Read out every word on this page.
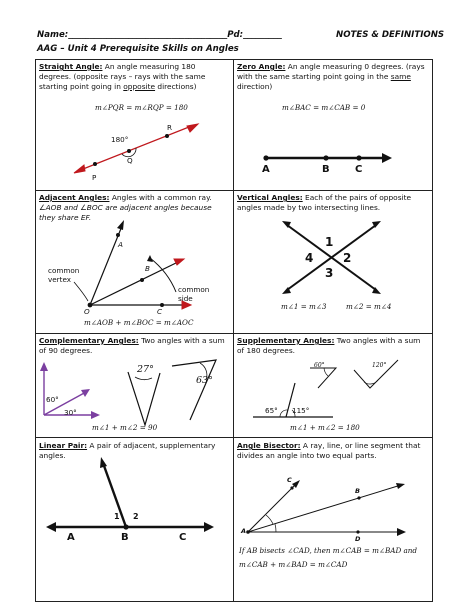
Name:_____________________________________Pd:_________	NOTES & DEFINITIONS
AAG – Unit 4 Prerequisite Skills on Angles
Straight Angle: An angle measuring 180 degrees. (opposite rays – rays with the same starting point going in opposite directions)
m∠PQR = m∠RQP = 180
180°
P
Q
R
Zero Angle: An angle measuring 0 degrees. (rays with the same starting point going in the same direction)
m∠BAC = m∠CAB = 0
A	B	C
Adjacent Angles: Angles with a common ray.
∠AOB and ∠BOC are adjacent angles because they share EF.
A
B
C
O
common vertex
common side
m∠AOB + m∠BOC = m∠AOC
Vertical Angles: Each of the pairs of opposite angles made by two intersecting lines.
1
2
3
4
m∠1 = m∠3	m∠2 = m∠4
Complementary Angles: Two angles with a sum of 90 degrees.
60°
30°
27°
63°
m∠1 + m∠2 = 90
Supplementary Angles: Two angles with a sum of 180 degrees.
60°	120°
65° 115°
m∠1 + m∠2 = 180
Linear Pair: A pair of adjacent, supplementary angles.
A	B	C
1 2
Angle Bisector: A ray, line, or line segment that divides an angle into two equal parts.
C
B
D
A
If AB bisects ∠CAD, then m∠CAB = m∠BAD and
m∠CAB + m∠BAD = m∠CAD
